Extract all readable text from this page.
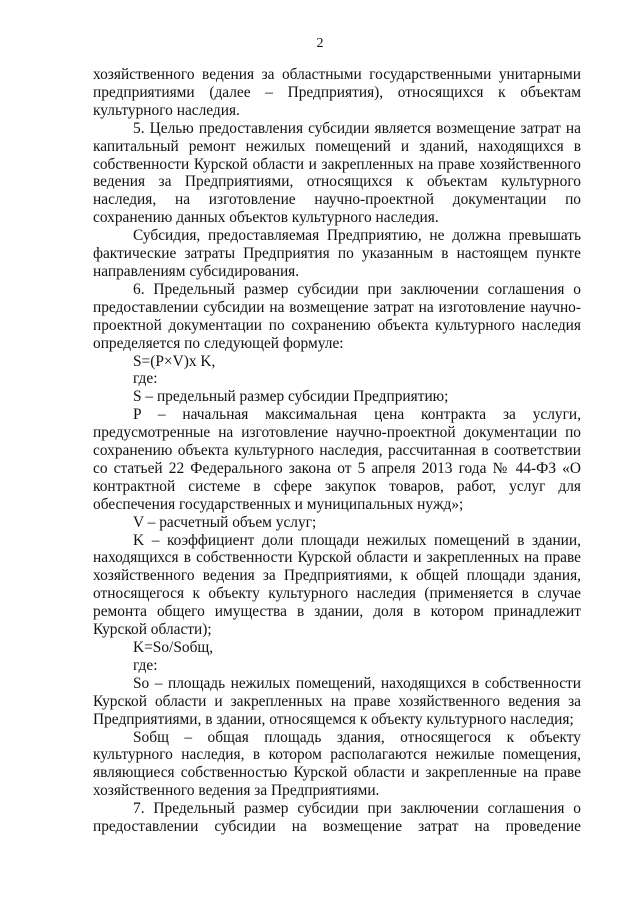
2

хозяйственного ведения за областными государственными унитарными предприятиями (далее – Предприятия), относящихся к объектам культурного наследия.

5. Целью предоставления субсидии является возмещение затрат на капитальный ремонт нежилых помещений и зданий, находящихся в собственности Курской области и закрепленных на праве хозяйственного ведения за Предприятиями, относящихся к объектам культурного наследия, на изготовление научно-проектной документации по сохранению данных объектов культурного наследия.

Субсидия, предоставляемая Предприятию, не должна превышать фактические затраты Предприятия по указанным в настоящем пункте направлениям субсидирования.

6. Предельный размер субсидии при заключении соглашения о предоставлении субсидии на возмещение затрат на изготовление научно-проектной документации по сохранению объекта культурного наследия определяется по следующей формуле:

S=(P×V)x K,

где:

S – предельный размер субсидии Предприятию;

P – начальная максимальная цена контракта за услуги, предусмотренные на изготовление научно-проектной документации по сохранению объекта культурного наследия, рассчитанная в соответствии со статьей 22 Федерального закона от 5 апреля 2013 года № 44-ФЗ «О контрактной системе в сфере закупок товаров, работ, услуг для обеспечения государственных и муниципальных нужд»;

V – расчетный объем услуг;

K – коэффициент доли площади нежилых помещений в здании, находящихся в собственности Курской области и закрепленных на праве хозяйственного ведения за Предприятиями, к общей площади здания, относящегося к объекту культурного наследия (применяется в случае ремонта общего имущества в здании, доля в котором принадлежит Курской области);

K=So/Sобщ,

где:

So – площадь нежилых помещений, находящихся в собственности Курской области и закрепленных на праве хозяйственного ведения за Предприятиями, в здании, относящемся к объекту культурного наследия;

Sобщ – общая площадь здания, относящегося к объекту культурного наследия, в котором располагаются нежилые помещения, являющиеся собственностью Курской области и закрепленные на праве хозяйственного ведения за Предприятиями.

7. Предельный размер субсидии при заключении соглашения о предоставлении субсидии на возмещение затрат на проведение
